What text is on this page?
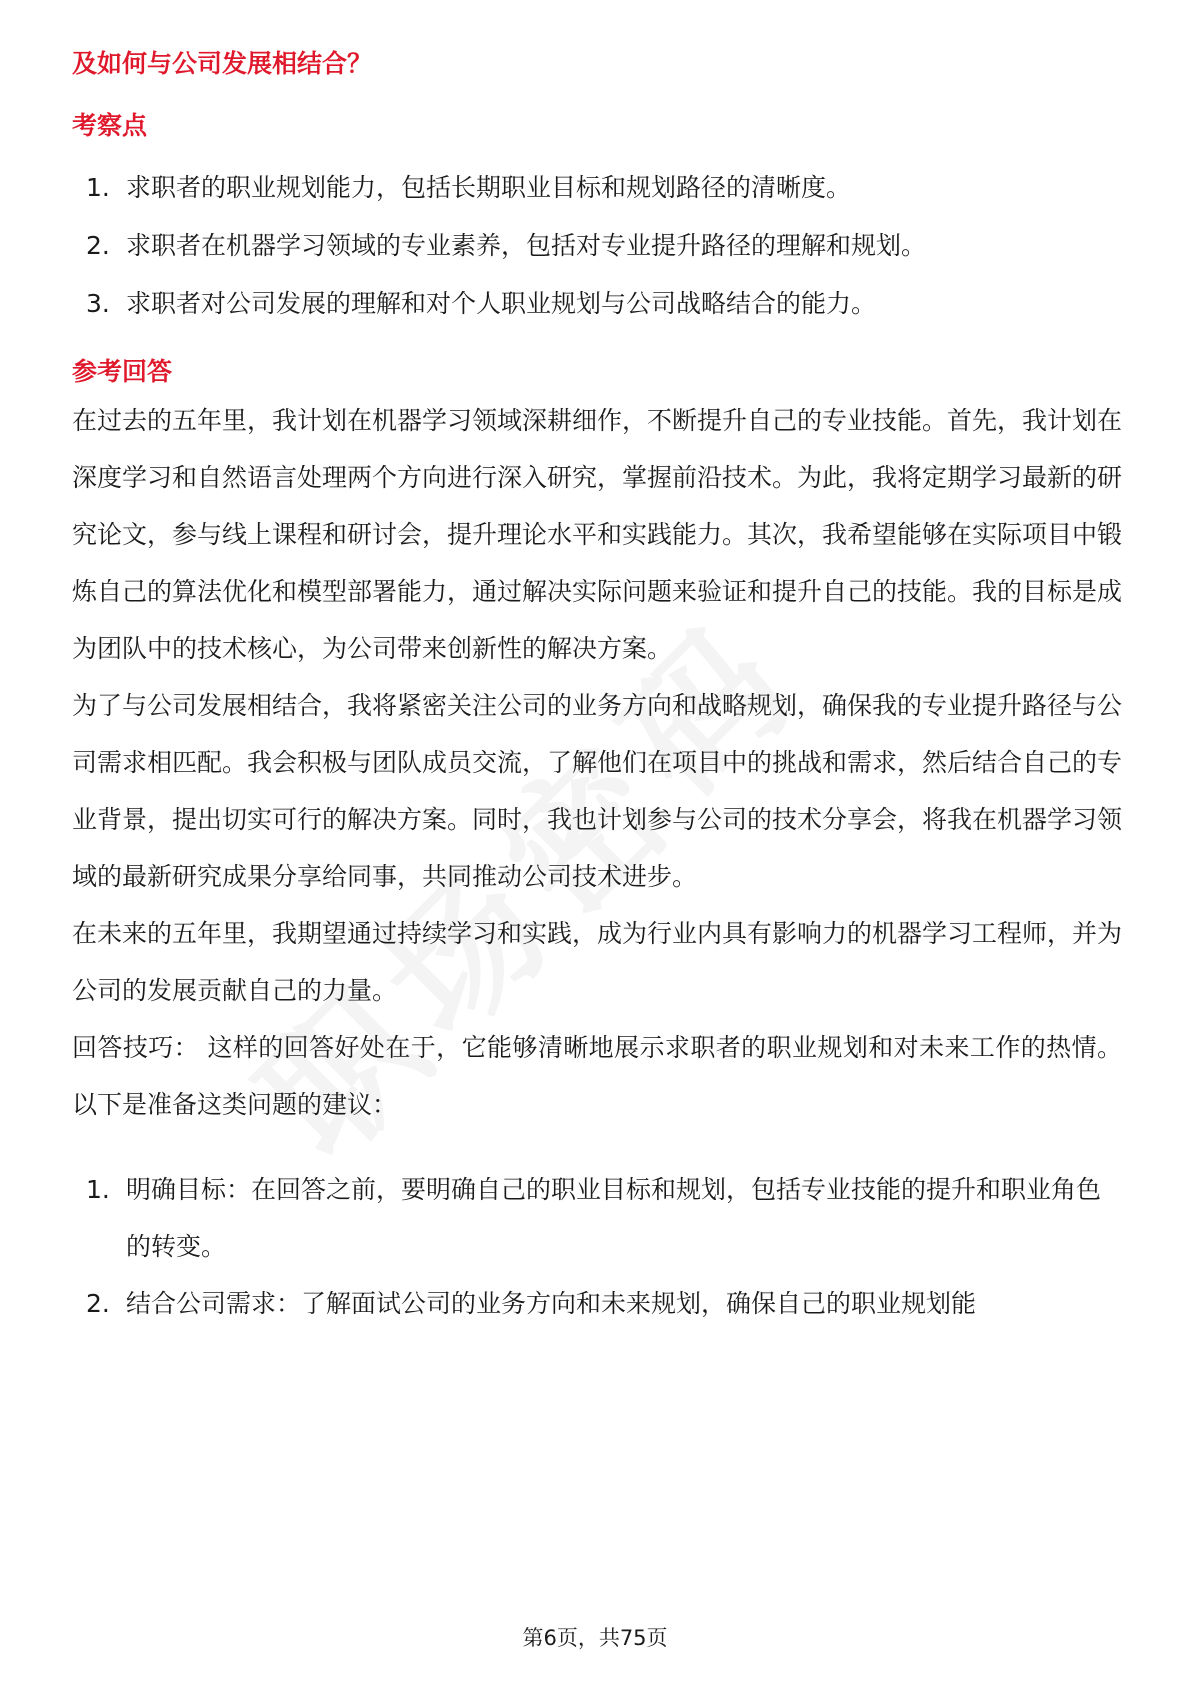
及如何与公司发展相结合？
考察点
1. 求职者的职业规划能力，包括长期职业目标和规划路径的清晰度。
2. 求职者在机器学习领域的专业素养，包括对专业提升路径的理解和规划。
3. 求职者对公司发展的理解和对个人职业规划与公司战略结合的能力。
参考回答

在过去的五年里，我计划在机器学习领域深耕细作，不断提升自己的专业技能。首先，我计划在深度学习和自然语言处理两个方向进行深入研究，掌握前沿技术。为此，我将定期学习最新的研究论文，参与线上课程和研讨会，提升理论水平和实践能力。其次，我希望能够在实际项目中锻炼自己的算法优化和模型部署能力，通过解决实际问题来验证和提升自己的技能。我的目标是成为团队中的技术核心，为公司带来创新性的解决方案。

为了与公司发展相结合，我将紧密关注公司的业务方向和战略规划，确保我的专业提升路径与公司需求相匹配。我会积极与团队成员交流，了解他们在项目中的挑战和需求，然后结合自己的专业背景，提出切实可行的解决方案。同时，我也计划参与公司的技术分享会，将我在机器学习领域的最新研究成果分享给同事，共同推动公司技术进步。

在未来的五年里，我期望通过持续学习和实践，成为行业内具有影响力的机器学习工程师，并为公司的发展贡献自己的力量。

回答技巧： 这样的回答好处在于，它能够清晰地展示求职者的职业规划和对未来工作的热情。以下是准备这类问题的建议：

1. 明确目标：在回答之前，要明确自己的职业目标和规划，包括专业技能的提升和职业角色的转变。
2. 结合公司需求：了解面试公司的业务方向和未来规划，确保自己的职业规划能
第6页，共75页
